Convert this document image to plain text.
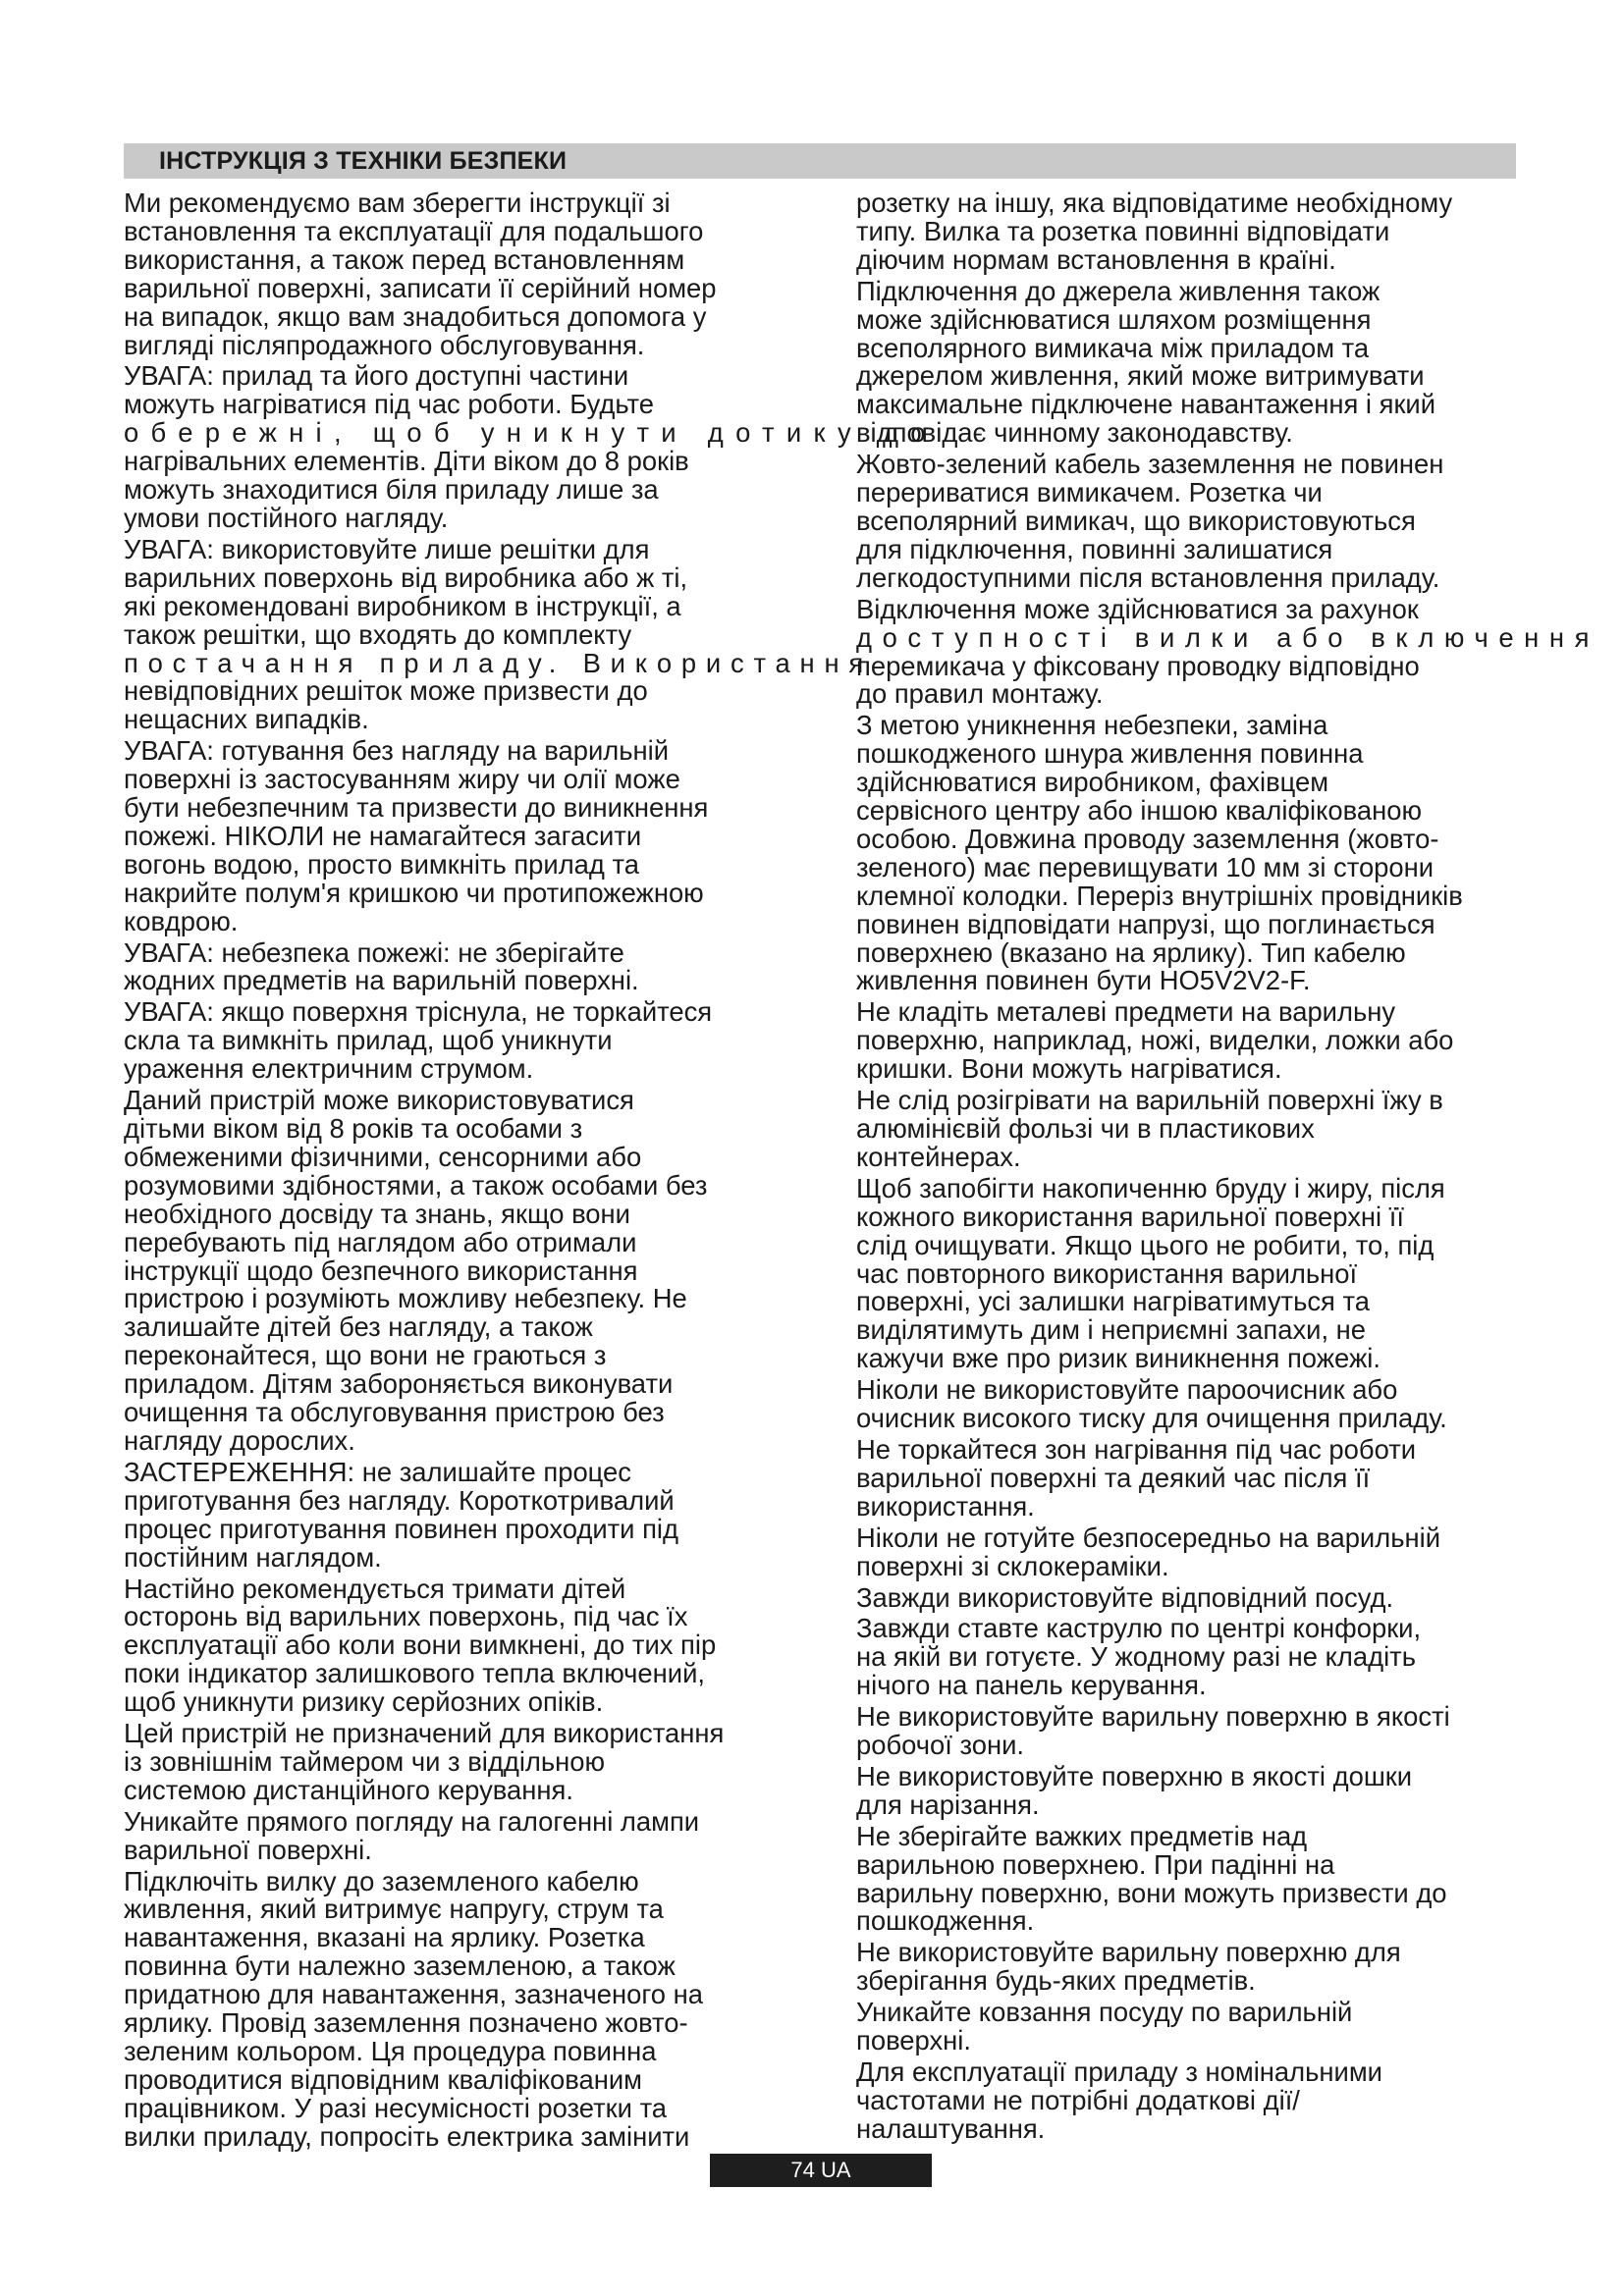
ІНСТРУКЦІЯ З ТЕХНІКИ БЕЗПЕКИ
Ми рекомендуємо вам зберегти інструкції зі
встановлення та експлуатації для подальшого
використання, а також перед встановленням
варильної поверхні, записати її серійний номер
на випадок, якщо вам знадобиться допомога у
вигляді післяпродажного обслуговування.
УВАГА: прилад та його доступні частини
можуть нагріватися під час роботи. Будьте
обережні, щоб уникнути дотику до
нагрівальних елементів. Діти віком до 8 років
можуть знаходитися біля приладу лише за
умови постійного нагляду.
УВАГА: використовуйте лише решітки для
варильних поверхонь від виробника або ж ті,
які рекомендовані виробником в інструкції, а
також решітки, що входять до комплекту
постачання приладу. Використання
невідповідних решіток може призвести до
нещасних випадків.
УВАГА: готування без нагляду на варильній
поверхні із застосуванням жиру чи олії може
бути небезпечним та призвести до виникнення
пожежі. НІКОЛИ не намагайтеся загасити
вогонь водою, просто вимкніть прилад та
накрийте полум'я кришкою чи протипожежною
ковдрою.
УВАГА: небезпека пожежі: не зберігайте
жодних предметів на варильній поверхні.
УВАГА: якщо поверхня тріснула, не торкайтеся
скла та вимкніть прилад, щоб уникнути
ураження електричним струмом.
Даний пристрій може використовуватися
дітьми віком від 8 років та особами з
обмеженими фізичними, сенсорними або
розумовими здібностями, а також особами без
необхідного досвіду та знань, якщо вони
перебувають під наглядом або отримали
інструкції щодо безпечного використання
пристрою і розуміють можливу небезпеку. Не
залишайте дітей без нагляду, а також
переконайтеся, що вони не граються з
приладом. Дітям забороняється виконувати
очищення та обслуговування пристрою без
нагляду дорослих.
ЗАСТЕРЕЖЕННЯ: не залишайте процес
приготування без нагляду. Короткотривалий
процес приготування повинен проходити під
постійним наглядом.
Настійно рекомендується тримати дітей
осторонь від варильних поверхонь, під час їх
експлуатації або коли вони вимкнені, до тих пір
поки індикатор залишкового тепла включений,
щоб уникнути ризику серйозних опіків.
Цей пристрій не призначений для використання
із зовнішнім таймером чи з віддільною
системою дистанційного керування.
Уникайте прямого погляду на галогенні лампи
варильної поверхні.
Підключіть вилку до заземленого кабелю
живлення, який витримує напругу, струм та
навантаження, вказані на ярлику. Розетка
повинна бути належно заземленою, а також
придатною для навантаження, зазначеного на
ярлику. Провід заземлення позначено жовто-
зеленим кольором. Ця процедура повинна
проводитися відповідним кваліфікованим
працівником. У разі несумісності розетки та
вилки приладу, попросіть електрика замінити
розетку на іншу, яка відповідатиме необхідному
типу. Вилка та розетка повинні відповідати
діючим нормам встановлення в країні.
Підключення до джерела живлення також
може здійснюватися шляхом розміщення
всеполярного вимикача між приладом та
джерелом живлення, який може витримувати
максимальне підключене навантаження і який
відповідає чинному законодавству.
Жовто-зелений кабель заземлення не повинен
перериватися вимикачем. Розетка чи
всеполярний вимикач, що використовуються
для підключення, повинні залишатися
легкодоступними після встановлення приладу.
Відключення може здійснюватися за рахунок
доступності вилки або включення
перемикача у фіксовану проводку відповідно
до правил монтажу.
З метою уникнення небезпеки, заміна
пошкодженого шнура живлення повинна
здійснюватися виробником, фахівцем
сервісного центру або іншою кваліфікованою
особою. Довжина проводу заземлення (жовто-
зеленого) має перевищувати 10 мм зі сторони
клемної колодки. Переріз внутрішніх провідників
повинен відповідати напрузі, що поглинається
поверхнею (вказано на ярлику). Тип кабелю
живлення повинен бути HO5V2V2-F.
Не кладіть металеві предмети на варильну
поверхню, наприклад, ножі, виделки, ложки або
кришки. Вони можуть нагріватися.
Не слід розігрівати на варильній поверхні їжу в
алюмінієвій фользі чи в пластикових
контейнерах.
Щоб запобігти накопиченню бруду і жиру, після
кожного використання варильної поверхні її
слід очищувати. Якщо цього не робити, то, під
час повторного використання варильної
поверхні, усі залишки нагріватимуться та
виділятимуть дим і неприємні запахи, не
кажучи вже про ризик виникнення пожежі.
Ніколи не використовуйте пароочисник або
очисник високого тиску для очищення приладу.
Не торкайтеся зон нагрівання під час роботи
варильної поверхні та деякий час після її
використання.
Ніколи не готуйте безпосередньо на варильній
поверхні зі склокераміки.
Завжди використовуйте відповідний посуд.
Завжди ставте каструлю по центрі конфорки,
на якій ви готуєте. У жодному разі не кладіть
нічого на панель керування.
Не використовуйте варильну поверхню в якості
робочої зони.
Не використовуйте поверхню в якості дошки
для нарізання.
Не зберігайте важких предметів над
варильною поверхнею. При падінні на
варильну поверхню, вони можуть призвести до
пошкодження.
Не використовуйте варильну поверхню для
зберігання будь-яких предметів.
Уникайте ковзання посуду по варильній
поверхні.
Для експлуатації приладу з номінальними
частотами не потрібні додаткові дії/
налаштування.
74 UA
